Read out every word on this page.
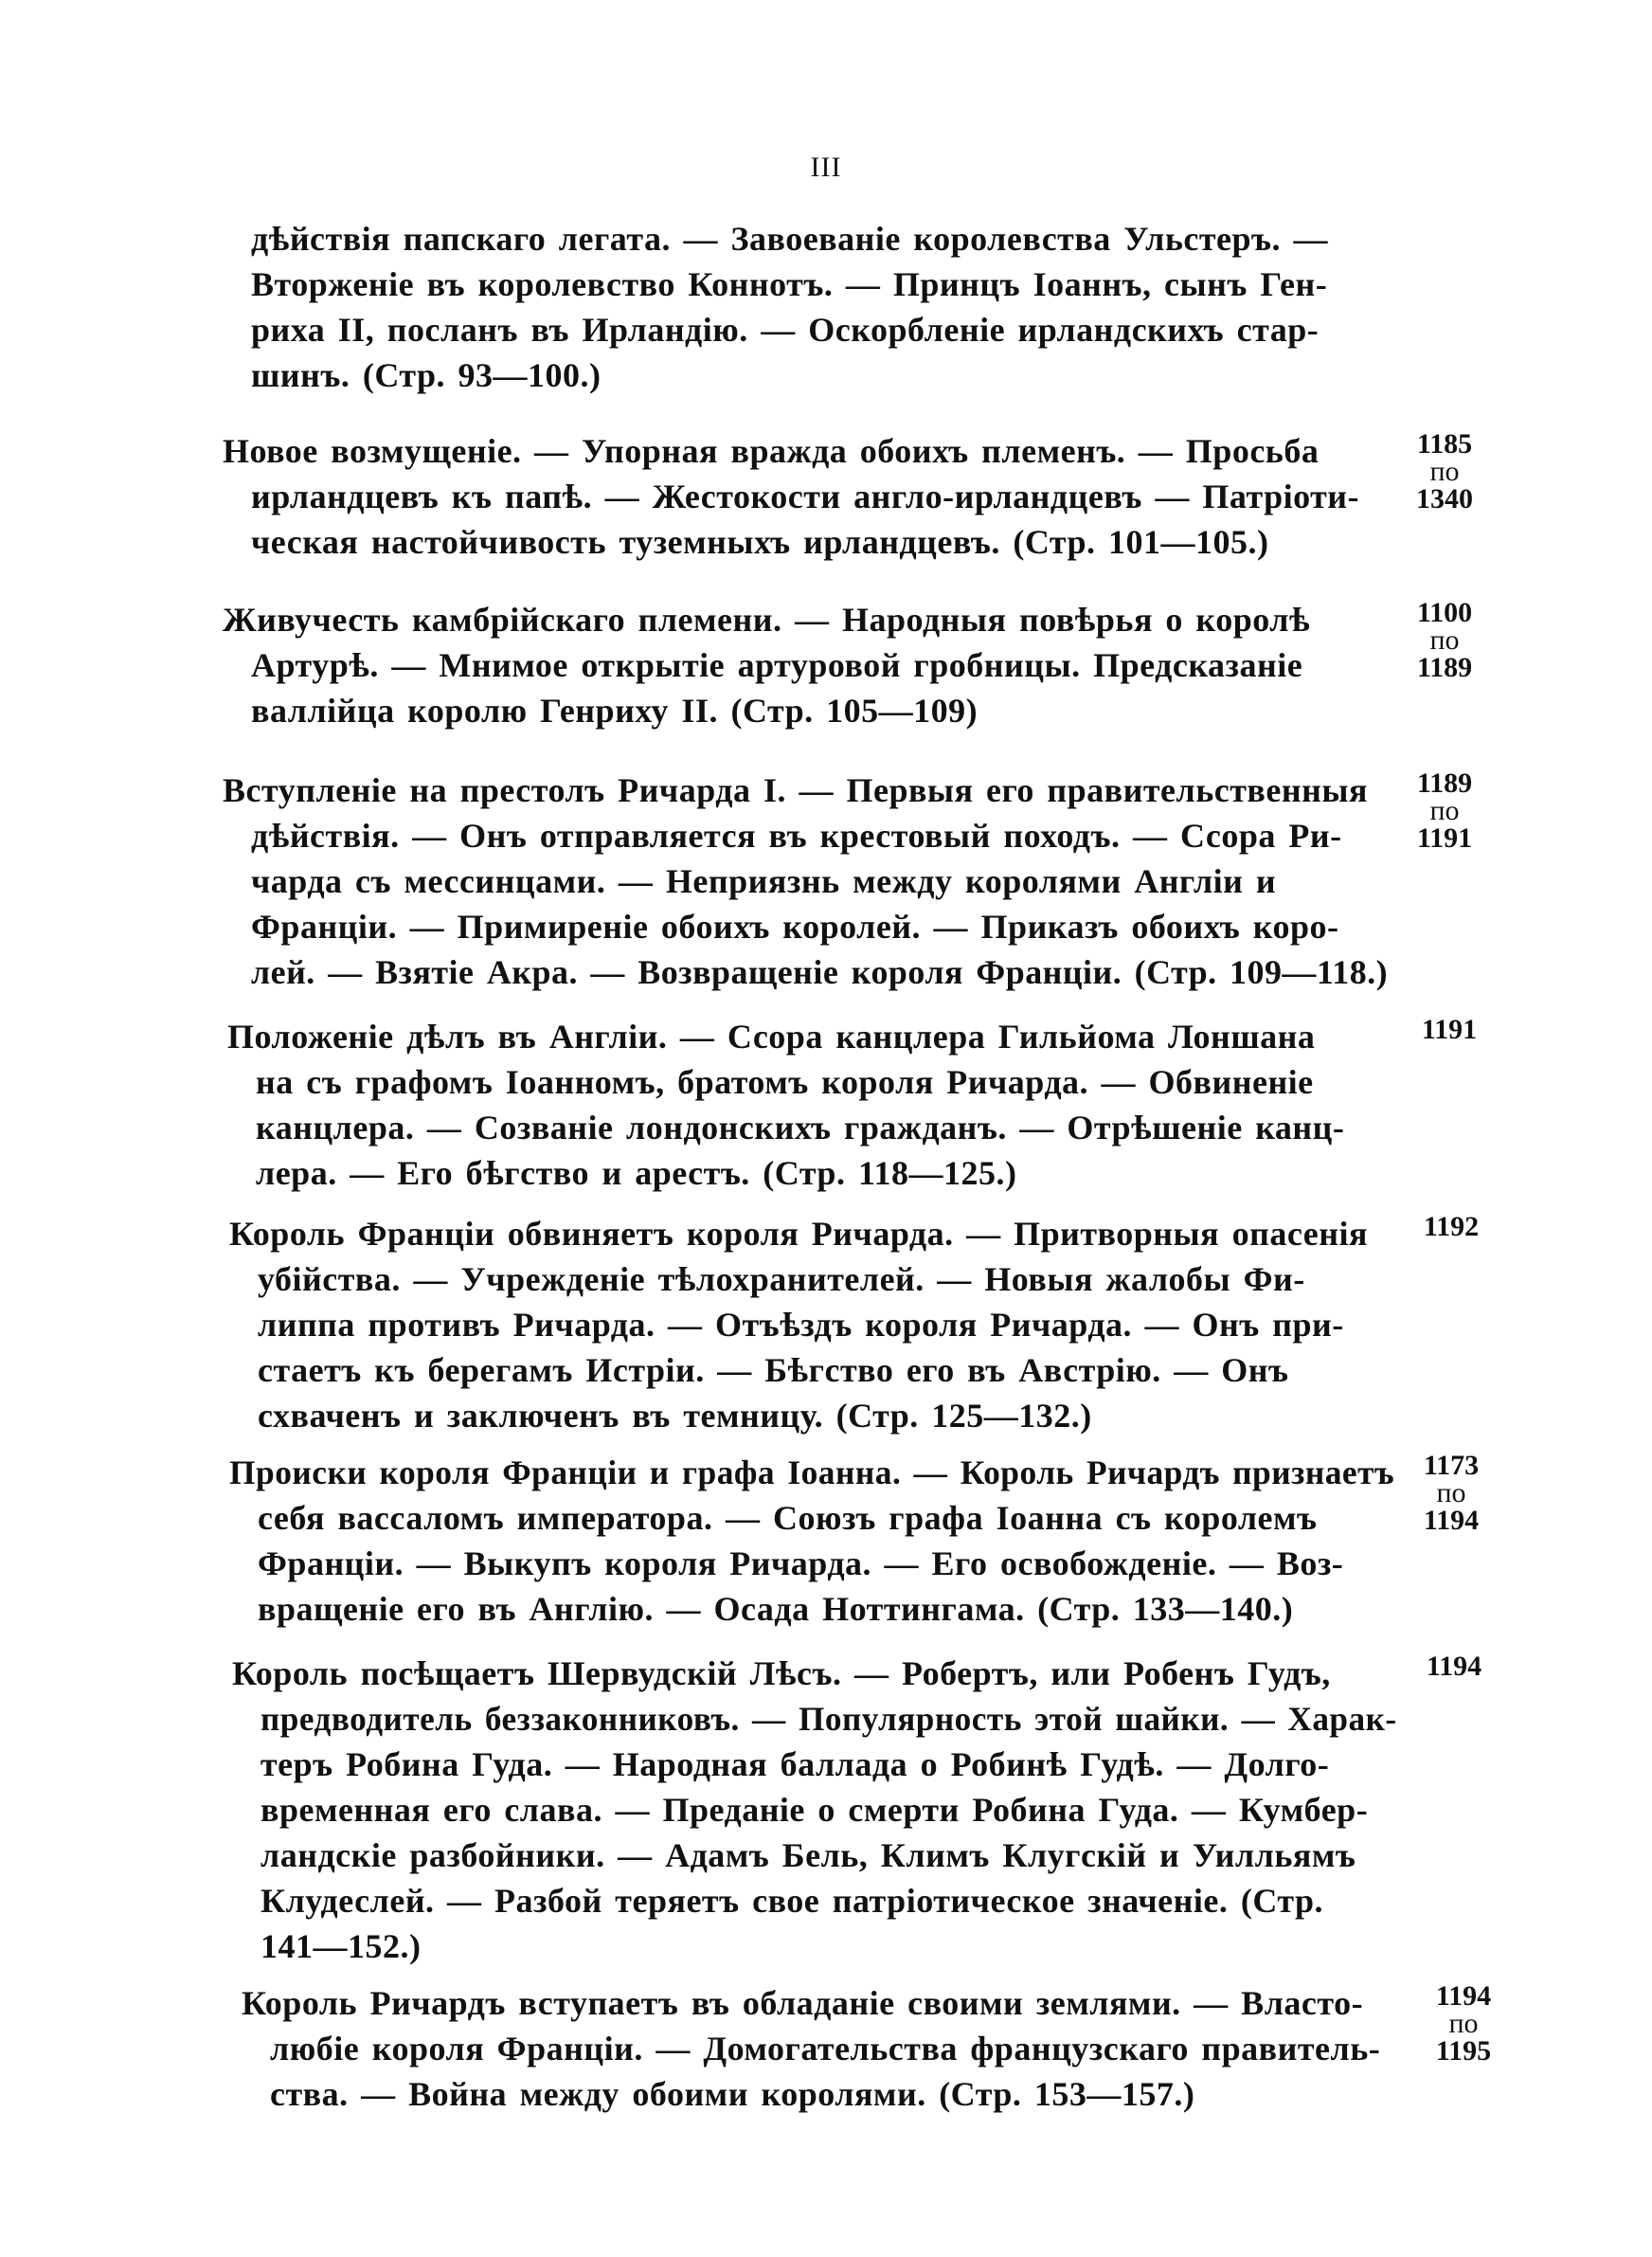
III
дѣйствія папскаго легата. — Завоеваніе королевства Ульстеръ. —
Вторженіе въ королевство Коннотъ. — Принцъ Іоаннъ, сынъ Ген-
риха II, посланъ въ Ирландію. — Оскорбленіе ирландскихъ стар-
шинъ. (Стр. 93—100.)
Новое возмущеніе. — Упорная вражда обоихъ племенъ. — Просьба
ирландцевъ къ папѣ. — Жестокости англо-ирландцевъ — Патріоти-
ческая настойчивость туземныхъ ирландцевъ. (Стр. 101—105.)
1185
по
1340
Живучесть камбрійскаго племени. — Народныя повѣрья о королѣ
Артурѣ. — Мнимое открытіе артуровой гробницы. Предсказаніе
валлійца королю Генриху II. (Стр. 105—109)
1100
по
1189
Вступленіе на престолъ Ричарда I. — Первыя его правительственныя
дѣйствія. — Онъ отправляется въ крестовый походъ. — Ссора Ри-
чарда съ мессинцами. — Неприязнь между королями Англіи и
Франціи. — Примиреніе обоихъ королей. — Приказъ обоихъ коро-
лей. — Взятіе Акра. — Возвращеніе короля Франціи. (Стр. 109—118.)
1189
по
1191
Положеніе дѣлъ въ Англіи. — Ссора канцлера Гильйома Лоншана
на съ графомъ Іоанномъ, братомъ короля Ричарда. — Обвиненіе
канцлера. — Созваніе лондонскихъ гражданъ. — Отрѣшеніе канц-
лера. — Его бѣгство и арестъ. (Стр. 118—125.)
1191
Король Франціи обвиняетъ короля Ричарда. — Притворныя опасенія
убійства. — Учрежденіе тѣлохранителей. — Новыя жалобы Фи-
липпа противъ Ричарда. — Отъѣздъ короля Ричарда. — Онъ при-
стаетъ къ берегамъ Истріи. — Бѣгство его въ Австрію. — Онъ
схваченъ и заключенъ въ темницу. (Стр. 125—132.)
1192
Происки короля Франціи и графа Іоанна. — Король Ричардъ признаетъ
себя вассаломъ императора. — Союзъ графа Іоанна съ королемъ
Франціи. — Выкупъ короля Ричарда. — Его освобожденіе. — Воз-
вращеніе его въ Англію. — Осада Ноттингама. (Стр. 133—140.)
1173
по
1194
Король посѣщаетъ Шервудскій Лѣсъ. — Робертъ, или Робенъ Гудъ,
предводитель беззаконниковъ. — Популярность этой шайки. — Харак-
теръ Робина Гуда. — Народная баллада о Робинѣ Гудѣ. — Долго-
временная его слава. — Преданіе о смерти Робина Гуда. — Кумбер-
ландскіе разбойники. — Адамъ Бель, Климъ Клугскій и Уилльямъ
Клудеслей. — Разбой теряетъ свое патріотическое значеніе. (Стр.
141—152.)
1194
Король Ричардъ вступаетъ въ обладаніе своими землями. — Власто-
любіе короля Франціи. — Домогательства французскаго правитель-
ства. — Война между обоими королями. (Стр. 153—157.)
1194
по
1195
